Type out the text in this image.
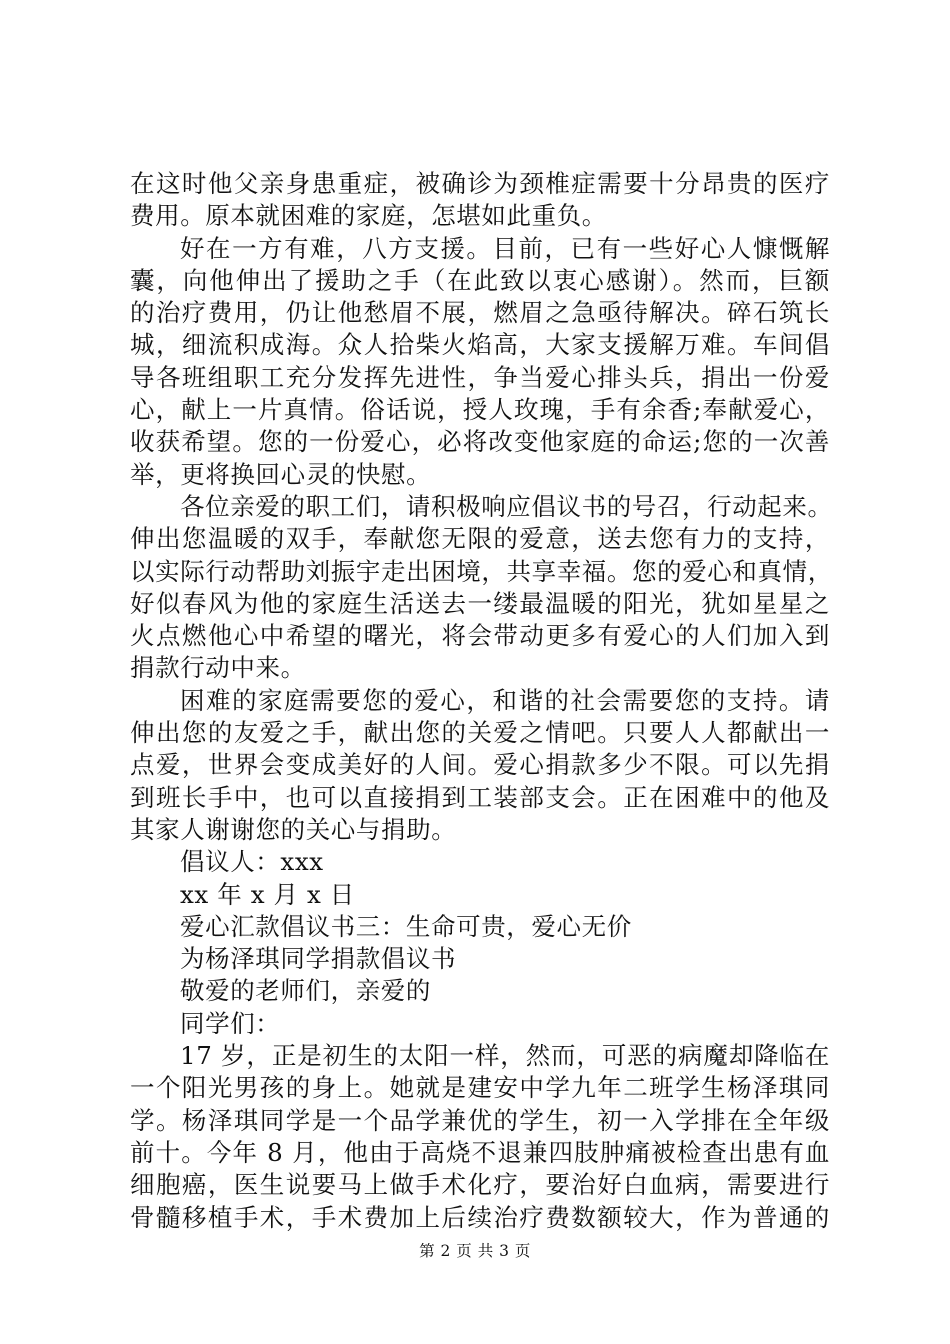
在这时他父亲身患重症，被确诊为颈椎症需要十分昂贵的医疗
费用。原本就困难的家庭，怎堪如此重负。
好在一方有难，八方支援。目前，已有一些好心人慷慨解
囊，向他伸出了援助之手（在此致以衷心感谢）。然而，巨额
的治疗费用，仍让他愁眉不展，燃眉之急亟待解决。碎石筑长
城，细流积成海。众人拾柴火焰高，大家支援解万难。车间倡
导各班组职工充分发挥先进性，争当爱心排头兵，捐出一份爱
心，献上一片真情。俗话说，授人玫瑰，手有余香;奉献爱心，
收获希望。您的一份爱心，必将改变他家庭的命运;您的一次善
举，更将换回心灵的快慰。
各位亲爱的职工们，请积极响应倡议书的号召，行动起来。
伸出您温暖的双手，奉献您无限的爱意，送去您有力的支持，
以实际行动帮助刘振宇走出困境，共享幸福。您的爱心和真情，
好似春风为他的家庭生活送去一缕最温暖的阳光，犹如星星之
火点燃他心中希望的曙光，将会带动更多有爱心的人们加入到
捐款行动中来。
困难的家庭需要您的爱心，和谐的社会需要您的支持。请
伸出您的友爱之手，献出您的关爱之情吧。只要人人都献出一
点爱，世界会变成美好的人间。爱心捐款多少不限。可以先捐
到班长手中，也可以直接捐到工装部支会。正在困难中的他及
其家人谢谢您的关心与捐助。
倡议人：xxx
xx 年 x 月 x 日
爱心汇款倡议书三：生命可贵，爱心无价
为杨泽琪同学捐款倡议书
敬爱的老师们，亲爱的
同学们：
17 岁，正是初生的太阳一样，然而，可恶的病魔却降临在
一个阳光男孩的身上。她就是建安中学九年二班学生杨泽琪同
学。杨泽琪同学是一个品学兼优的学生，初一入学排在全年级
前十。今年 8 月，他由于高烧不退兼四肢肿痛被检查出患有血
细胞癌，医生说要马上做手术化疗，要治好白血病，需要进行
骨髓移植手术，手术费加上后续治疗费数额较大，作为普通的
第 2 页 共 3 页
